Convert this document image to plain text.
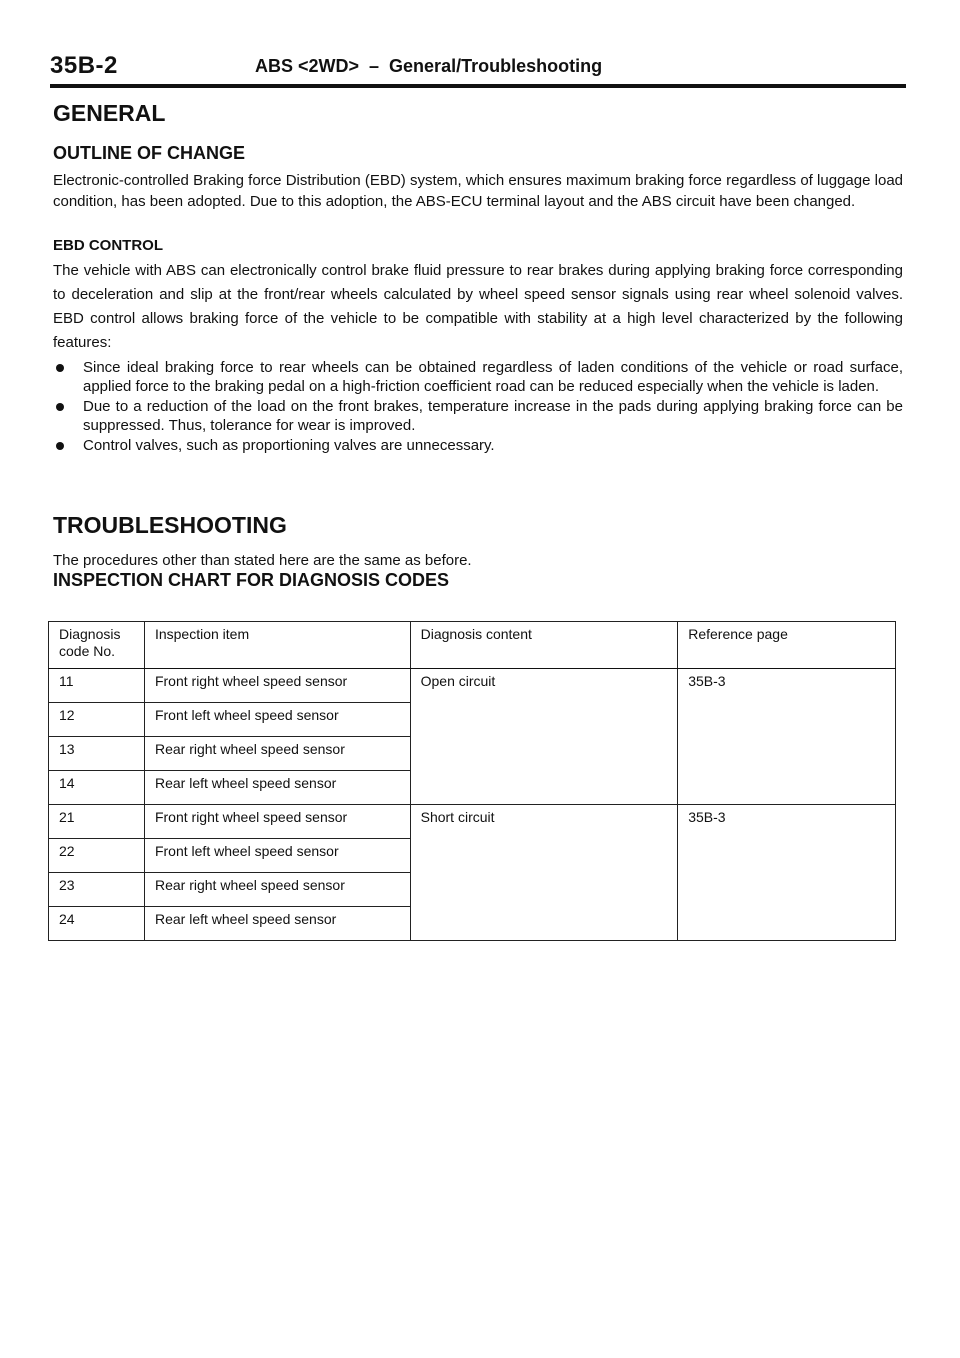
35B-2	ABS <2WD>  –  General/Troubleshooting
GENERAL
OUTLINE OF CHANGE
Electronic-controlled Braking force Distribution (EBD) system, which ensures maximum braking force regardless of luggage load condition, has been adopted. Due to this adoption, the ABS-ECU terminal layout and the ABS circuit have been changed.
EBD CONTROL
The vehicle with ABS can electronically control brake fluid pressure to rear brakes during applying braking force corresponding to deceleration and slip at the front/rear wheels calculated by wheel speed sensor signals using rear wheel solenoid valves. EBD control allows braking force of the vehicle to be compatible with stability at a high level characterized by the following features:
Since ideal braking force to rear wheels can be obtained regardless of laden conditions of the vehicle or road surface, applied force to the braking pedal on a high-friction coefficient road can be reduced especially when the vehicle is laden.
Due to a reduction of the load on the front brakes, temperature increase in the pads during applying braking force can be suppressed. Thus, tolerance for wear is improved.
Control valves, such as proportioning valves are unnecessary.
TROUBLESHOOTING
The procedures other than stated here are the same as before.
INSPECTION CHART FOR DIAGNOSIS CODES
Diagnosis code No.	Inspection item	Diagnosis content	Reference page
11	Front right wheel speed sensor	Open circuit	35B-3
12	Front left wheel speed sensor		
13	Rear right wheel speed sensor		
14	Rear left wheel speed sensor		
21	Front right wheel speed sensor	Short circuit	35B-3
22	Front left wheel speed sensor		
23	Rear right wheel speed sensor		
24	Rear left wheel speed sensor		
